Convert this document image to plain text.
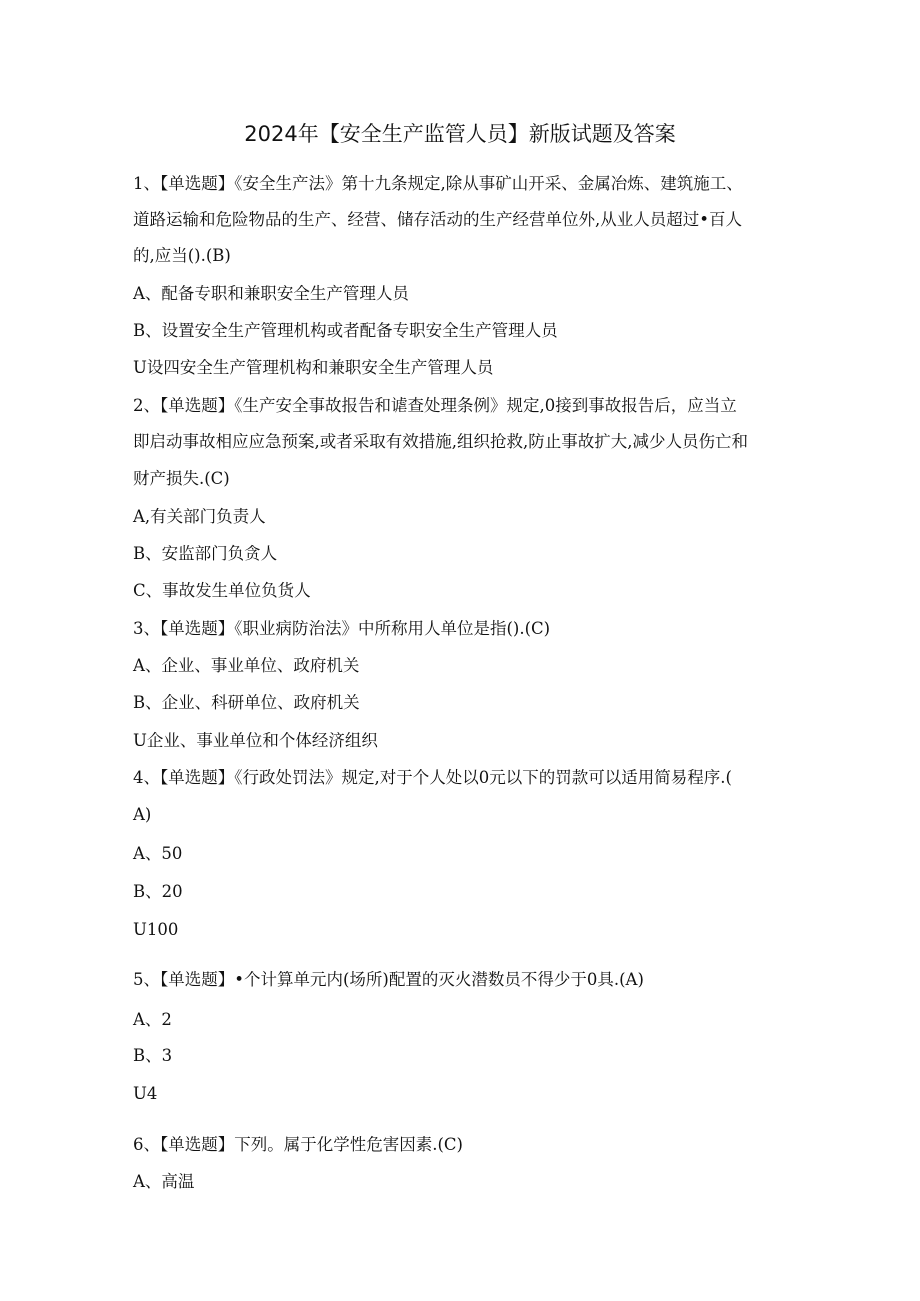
2024年【安全生产监管人员】新版试题及答案
1、【单选题】《安全生产法》第十九条规定,除从事矿山开采、金属冶炼、建筑施工、
道路运输和危险物品的生产、经营、储存活动的生产经营单位外,从业人员超过•百人
的,应当().(B)
A、配备专职和兼职安全生产管理人员
B、设置安全生产管理机构或者配备专职安全生产管理人员
U设四安全生产管理机构和兼职安全生产管理人员
2、【单选题】《生产安全事故报告和谑查处理条例》规定,0接到事故报告后，应当立
即启动事故相应应急预案,或者采取有效措施,组织抢救,防止事故扩大,减少人员伤亡和
财产损失.(C)
A,有关部门负责人
B、安监部门负贪人
C、事故发生单位负货人
3、【单选题】《职业病防治法》中所称用人单位是指().(C)
A、企业、事业单位、政府机关
B、企业、科研单位、政府机关
U企业、事业单位和个体经济组织
4、【单选题】《行政处罚法》规定,对于个人处以0元以下的罚款可以适用简易程序.(
A)
A、50
B、20
U100
5、【单选题】•个计算单元内(场所)配置的灭火潜数员不得少于0具.(A)
A、2
B、3
U4
6、【单选题】下列。属于化学性危害因素.(C)
A、高温
